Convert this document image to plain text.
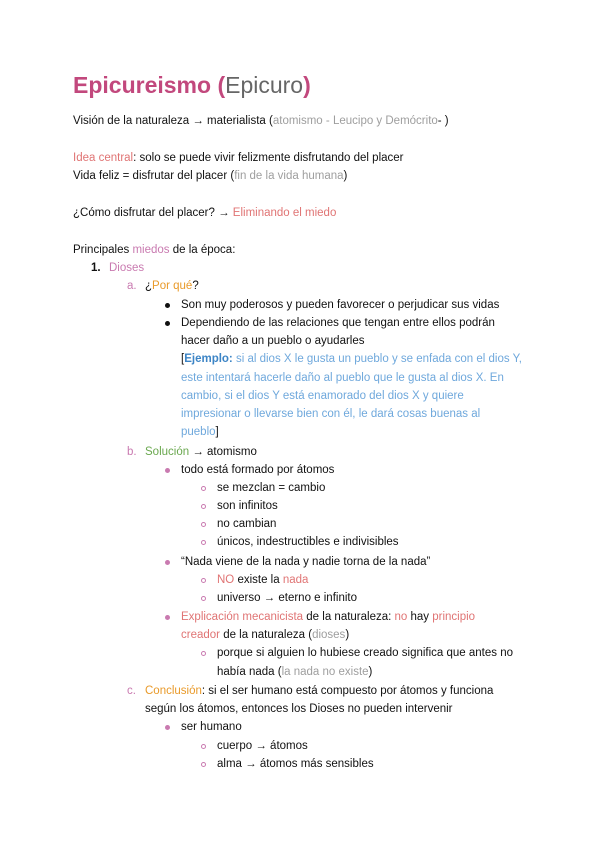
Epicureismo (Epicuro)
Visión de la naturaleza → materialista (atomismo - Leucipo y Demócrito- )
Idea central: solo se puede vivir felizmente disfrutando del placer
Vida feliz = disfrutar del placer (fin de la vida humana)
¿Cómo disfrutar del placer? → Eliminando el miedo
Principales miedos de la época:
1. Dioses
a. ¿Por qué?
Son muy poderosos y pueden favorecer o perjudicar sus vidas
Dependiendo de las relaciones que tengan entre ellos podrán
hacer daño a un pueblo o ayudarles
[Ejemplo: si al dios X le gusta un pueblo y se enfada con el dios Y,
este intentará hacerle daño al pueblo que le gusta al dios X. En
cambio, si el dios Y está enamorado del dios X y quiere
impresionar o llevarse bien con él, le dará cosas buenas al
pueblo]
b. Solución → atomismo
todo está formado por átomos
se mezclan = cambio
son infinitos
no cambian
únicos, indestructibles e indivisibles
“Nada viene de la nada y nadie torna de la nada”
NO existe la nada
universo → eterno e infinito
Explicación mecanicista de la naturaleza: no hay principio
creador de la naturaleza (dioses)
porque si alguien lo hubiese creado significa que antes no
había nada (la nada no existe)
c. Conclusión: si el ser humano está compuesto por átomos y funciona
según los átomos, entonces los Dioses no pueden intervenir
ser humano
cuerpo → átomos
alma → átomos más sensibles
